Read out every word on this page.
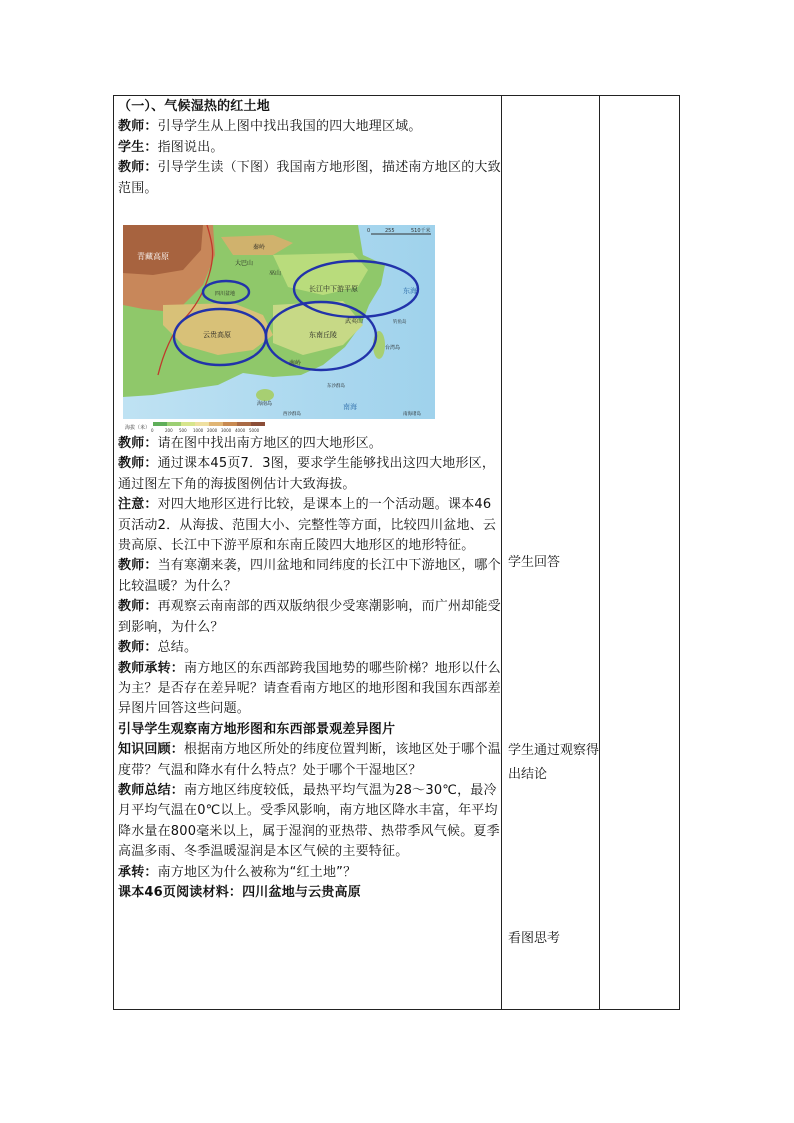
（一）、气候湿热的红土地

教师：引导学生从上图中找出我国的四大地理区域。

学生：指图说出。

教师：引导学生读（下图）我国南方地形图，描述南方地区的大致范围。

0	255	510千米
青藏高原
四川盆地
云贵高原
长江中下游平原
东南丘陵
东海
南海
台湾岛
海南岛
秦岭
大巴山
巫山
南岭
武夷山	钓鱼岛
东沙群岛
西沙群岛	南海诸岛
海拔（米） 0	200 500 1000 2000 3000 4000 5000

教师：请在图中找出南方地区的四大地形区。

教师：通过课本45页7．3图，要求学生能够找出这四大地形区，通过图左下角的海拔图例估计大致海拔。

注意：对四大地形区进行比较，是课本上的一个活动题。课本46页活动2．从海拔、范围大小、完整性等方面，比较四川盆地、云贵高原、长江中下游平原和东南丘陵四大地形区的地形特征。

教师：当有寒潮来袭，四川盆地和同纬度的长江中下游地区，哪个比较温暖？为什么？

教师：再观察云南南部的西双版纳很少受寒潮影响，而广州却能受到影响，为什么？

教师：总结。

教师承转：南方地区的东西部跨我国地势的哪些阶梯？地形以什么为主？是否存在差异呢？请查看南方地区的地形图和我国东西部差异图片回答这些问题。

引导学生观察南方地形图和东西部景观差异图片

知识回顾：根据南方地区所处的纬度位置判断，该地区处于哪个温度带？气温和降水有什么特点？处于哪个干湿地区？

教师总结：南方地区纬度较低，最热平均气温为28～30℃，最冷月平均气温在0℃以上。受季风影响，南方地区降水丰富，年平均降水量在800毫米以上，属于湿润的亚热带、热带季风气候。夏季高温多雨、冬季温暖湿润是本区气候的主要特征。

承转：南方地区为什么被称为“红土地”？

课本46页阅读材料：四川盆地与云贵高原

学生回答
学生通过观察得出结论
看图思考
